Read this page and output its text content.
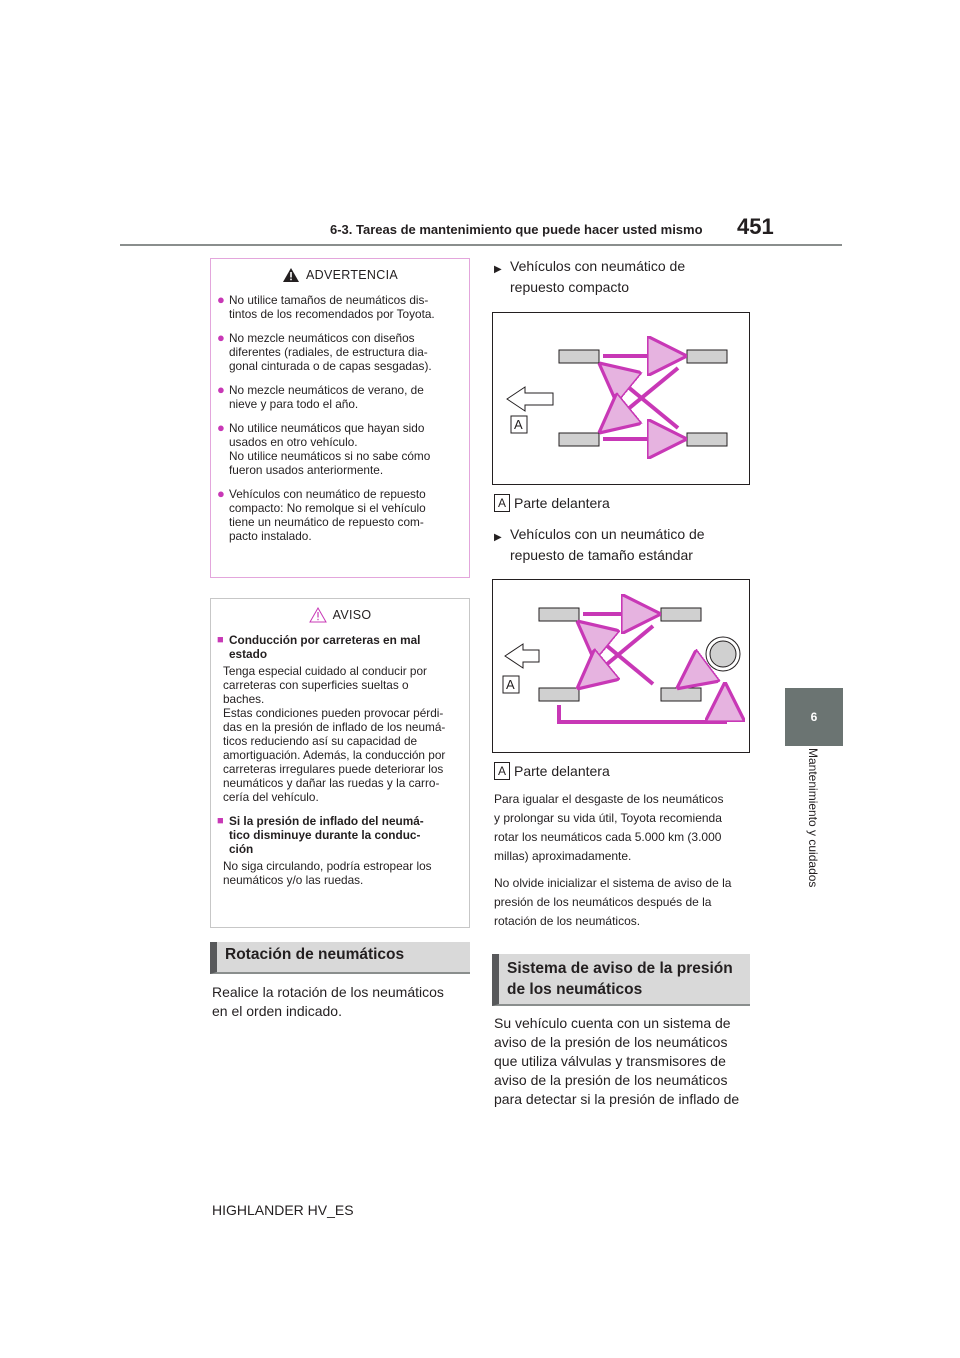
6-3. Tareas de mantenimiento que puede hacer usted mismo 451
6
Mantenimiento y cuidados
ADVERTENCIA
● No utilice tamaños de neumáticos dis-
tintos de los recomendados por Toyota.
● No mezcle neumáticos con diseños
diferentes (radiales, de estructura dia-
gonal cinturada o de capas sesgadas).
● No mezcle neumáticos de verano, de
nieve y para todo el año.
● No utilice neumáticos que hayan sido
usados en otro vehículo.
No utilice neumáticos si no sabe cómo
fueron usados anteriormente.
● Vehículos con neumático de repuesto
compacto: No remolque si el vehículo
tiene un neumático de repuesto com-
pacto instalado.
AVISO
■ Conducción por carreteras en mal
estado
Tenga especial cuidado al conducir por
carreteras con superficies sueltas o
baches.
Estas condiciones pueden provocar pérdi-
das en la presión de inflado de los neumá-
ticos reduciendo así su capacidad de
amortiguación. Además, la conducción por
carreteras irregulares puede deteriorar los
neumáticos y dañar las ruedas y la carro-
cería del vehículo.
■ Si la presión de inflado del neumá-
tico disminuye durante la conduc-
ción
No siga circulando, podría estropear los
neumáticos y/o las ruedas.
Rotación de neumáticos
Realice la rotación de los neumáticos
en el orden indicado.
▶ Vehículos con neumático de
repuesto compacto
A
A Parte delantera
▶ Vehículos con un neumático de
repuesto de tamaño estándar
A
A Parte delantera
Para igualar el desgaste de los neumáticos
y prolongar su vida útil, Toyota recomienda
rotar los neumáticos cada 5.000 km (3.000
millas) aproximadamente.
No olvide inicializar el sistema de aviso de la
presión de los neumáticos después de la
rotación de los neumáticos.
Sistema de aviso de la presión
de los neumáticos
Su vehículo cuenta con un sistema de
aviso de la presión de los neumáticos
que utiliza válvulas y transmisores de
aviso de la presión de los neumáticos
para detectar si la presión de inflado de
HIGHLANDER HV_ES
